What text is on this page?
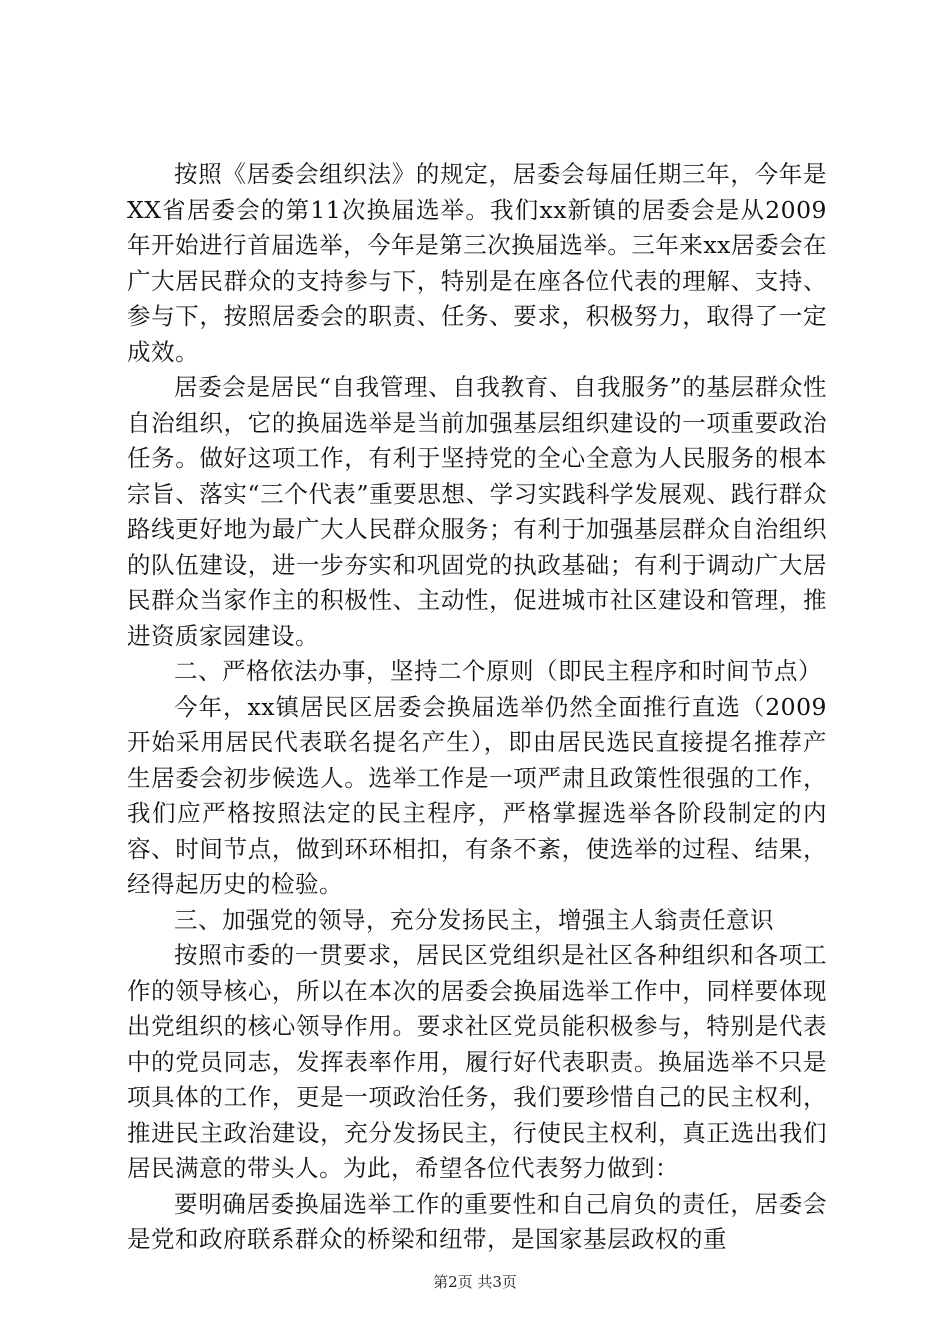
按照《居委会组织法》的规定，居委会每届任期三年，今年是XX省居委会的第11次换届选举。我们xx新镇的居委会是从2009年开始进行首届选举，今年是第三次换届选举。三年来xx居委会在广大居民群众的支持参与下，特别是在座各位代表的理解、支持、参与下，按照居委会的职责、任务、要求，积极努力，取得了一定成效。

居委会是居民“自我管理、自我教育、自我服务”的基层群众性自治组织，它的换届选举是当前加强基层组织建设的一项重要政治任务。做好这项工作，有利于坚持党的全心全意为人民服务的根本宗旨、落实“三个代表”重要思想、学习实践科学发展观、践行群众路线更好地为最广大人民群众服务；有利于加强基层群众自治组织的队伍建设，进一步夯实和巩固党的执政基础；有利于调动广大居民群众当家作主的积极性、主动性，促进城市社区建设和管理，推进资质家园建设。

二、严格依法办事，坚持二个原则（即民主程序和时间节点）

今年，xx镇居民区居委会换届选举仍然全面推行直选（2009开始采用居民代表联名提名产生），即由居民选民直接提名推荐产生居委会初步候选人。选举工作是一项严肃且政策性很强的工作，我们应严格按照法定的民主程序，严格掌握选举各阶段制定的内容、时间节点，做到环环相扣，有条不紊，使选举的过程、结果，经得起历史的检验。

三、加强党的领导，充分发扬民主，增强主人翁责任意识

按照市委的一贯要求，居民区党组织是社区各种组织和各项工作的领导核心，所以在本次的居委会换届选举工作中，同样要体现出党组织的核心领导作用。要求社区党员能积极参与，特别是代表中的党员同志，发挥表率作用，履行好代表职责。换届选举不只是项具体的工作，更是一项政治任务，我们要珍惜自己的民主权利，推进民主政治建设，充分发扬民主，行使民主权利，真正选出我们居民满意的带头人。为此，希望各位代表努力做到：

要明确居委换届选举工作的重要性和自己肩负的责任，居委会是党和政府联系群众的桥梁和纽带，是国家基层政权的重

第2页 共3页
